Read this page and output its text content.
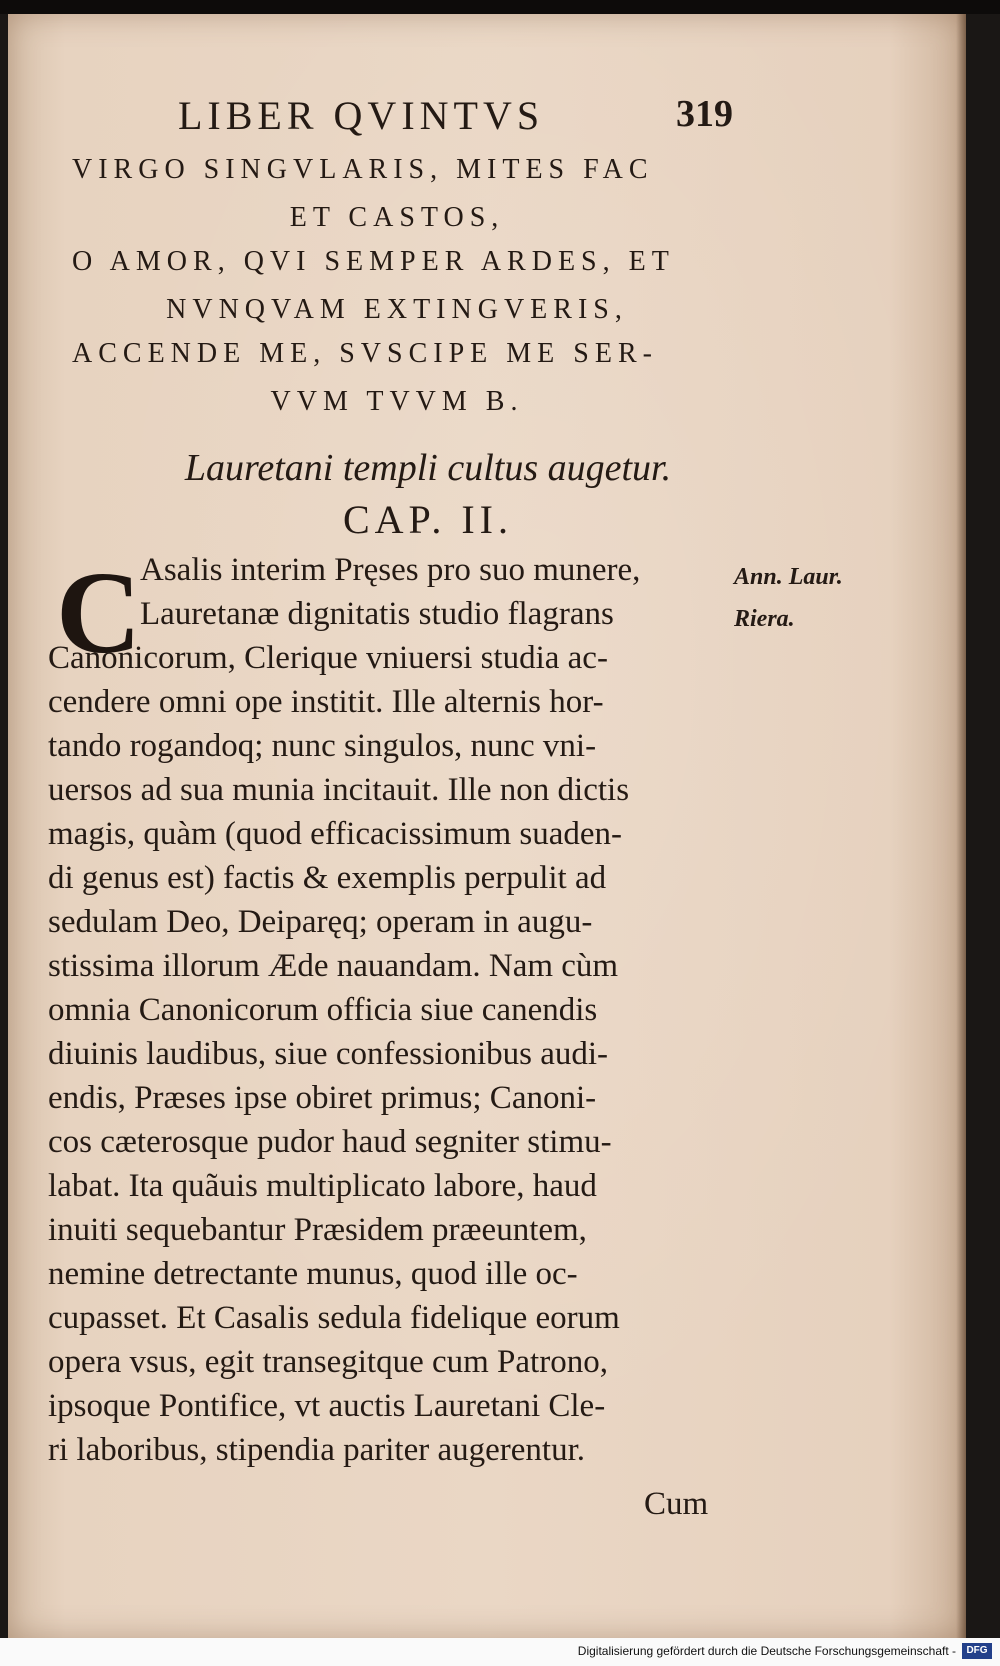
LIBER QVINTVS	319
VIRGO SINGVLARIS, MITES FAC
ET CASTOS,
O AMOR, QVI SEMPER ARDES, ET
NVNQVAM EXTINGVERIS,
ACCENDE ME, SVSCIPE ME SER-
VVM TVVM B.
Lauretani templi cultus augetur.
CAP. II.
C
Asalis interim Pręses pro suo munere,
Lauretanæ dignitatis studio flagrans
Canonicorum, Clerique vniuersi studia ac-
cendere omni ope institit. Ille alternis hor-
tando rogandoq; nunc singulos, nunc vni-
uersos ad sua munia incitauit. Ille non dictis
magis, quàm (quod efficacissimum suaden-
di genus est) factis & exemplis perpulit ad
sedulam Deo, Deiparęq; operam in augu-
stissima illorum Æde nauandam. Nam cùm
omnia Canonicorum officia siue canendis
diuinis laudibus, siue confessionibus audi-
endis, Præses ipse obiret primus; Canoni-
cos cæterosque pudor haud segniter stimu-
labat. Ita quãuis multiplicato labore, haud
inuiti sequebantur Præsidem præeuntem,
nemine detrectante munus, quod ille oc-
cupasset. Et Casalis sedula fidelique eorum
opera vsus, egit transegitque cum Patrono,
ipsoque Pontifice, vt auctis Lauretani Cle-
ri laboribus, stipendia pariter augerentur.
Ann. Laur.
Riera.
Cum
Digitalisierung gefördert durch die Deutsche Forschungsgemeinschaft -	DFG
